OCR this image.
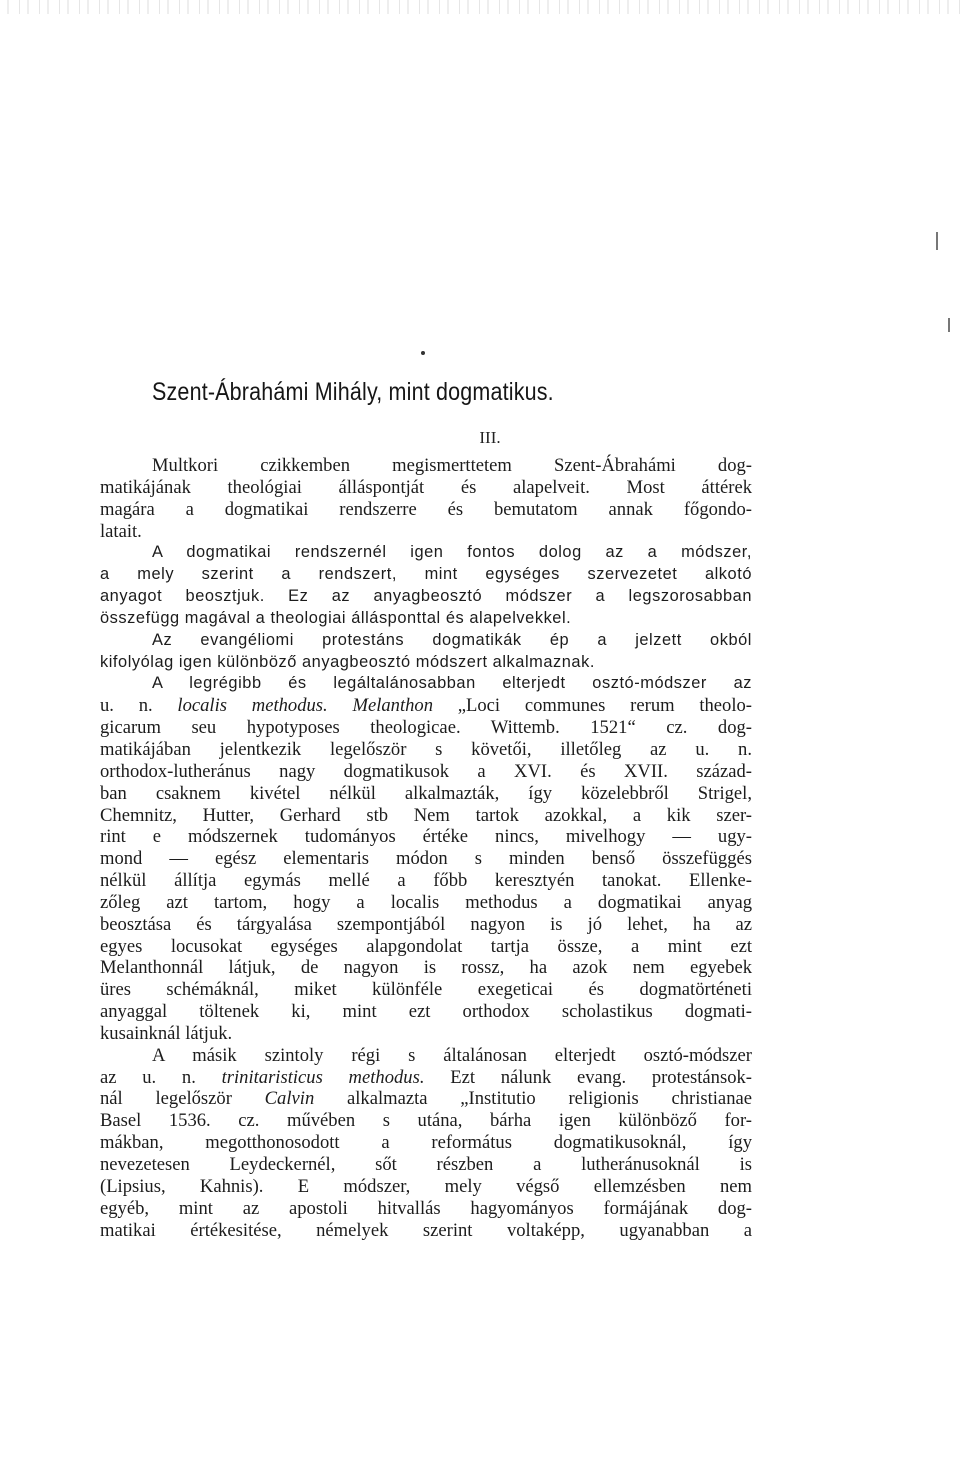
Szent-Ábrahámi Mihály, mint dogmatikus.
III.
Multkori czikkemben megismerttetem Szent-Ábrahámi dog-
matikájának theológiai álláspontját és alapelveit. Most áttérek
magára a dogmatikai rendszerre és bemutatom annak főgondo-
latait.
A dogmatikai rendszernél igen fontos dolog az a módszer,
a mely szerint a rendszert, mint egységes szervezetet alkotó
anyagot beosztjuk. Ez az anyagbeosztó módszer a legszorosabban
összefügg magával a theologiai állásponttal és alapelvekkel.
Az evangéliomi protestáns dogmatikák ép a jelzett okból
kifolyólag igen különböző anyagbeosztó módszert alkalmaznak.
A legrégibb és legáltalánosabban elterjedt osztó-módszer az
u. n. localis methodus. Melanthon „Loci communes rerum theolo-
gicarum seu hypotyposes theologicae. Wittemb. 1521“ cz. dog-
matikájában jelentkezik legelőször s követői, illetőleg az u. n.
orthodox-lutheránus nagy dogmatikusok a XVI. és XVII. század-
ban csaknem kivétel nélkül alkalmazták, így közelebbről Strigel,
Chemnitz, Hutter, Gerhard stb Nem tartok azokkal, a kik szer-
rint e módszernek tudományos értéke nincs, mivelhogy — ugy-
mond — egész elementaris módon s minden benső összefüggés
nélkül állítja egymás mellé a főbb keresztyén tanokat. Ellenke-
zőleg azt tartom, hogy a localis methodus a dogmatikai anyag
beosztása és tárgyalása szempontjából nagyon is jó lehet, ha az
egyes locusokat egységes alapgondolat tartja össze, a mint ezt
Melanthonnál látjuk, de nagyon is rossz, ha azok nem egyebek
üres schémáknál, miket különféle exegeticai és dogmatörténeti
anyaggal töltenek ki, mint ezt orthodox scholastikus dogmati-
kusainknál látjuk.
A másik szintoly régi s általánosan elterjedt osztó-módszer
az u. n. trinitaristicus methodus. Ezt nálunk evang. protestánsok-
nál legelőször Calvin alkalmazta „Institutio religionis christianae
Basel 1536. cz. művében s utána, bárha igen különböző for-
mákban, megotthonosodott a református dogmatikusoknál, így
nevezetesen Leydeckernél, sőt részben a lutheránusoknál is
(Lipsius, Kahnis). E módszer, mely végső ellemzésben nem
egyéb, mint az apostoli hitvallás hagyományos formájának dog-
matikai értékesitése, némelyek szerint voltaképp, ugyanabban a
